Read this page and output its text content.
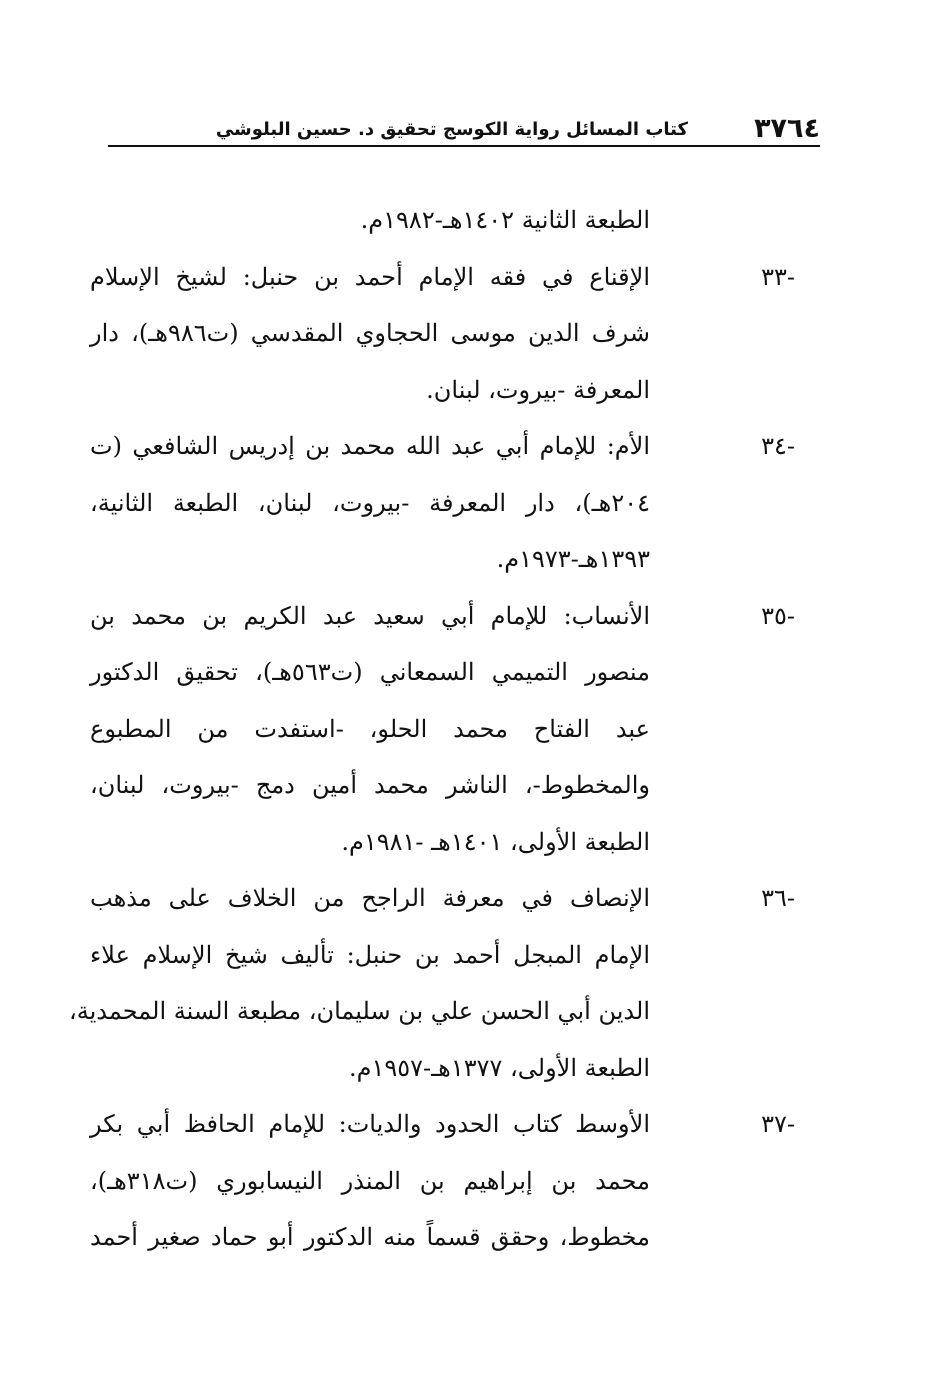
٣٧٦٤
كتاب المسائل رواية الكوسج تحقيق د. حسين البلوشي
الطبعة الثانية ١٤٠٢هـ-١٩٨٢م.
-٣٣
الإقناع في فقه الإمام أحمد بن حنبل: لشيخ الإسلام
شرف الدين موسى الحجاوي المقدسي (ت٩٨٦هـ)، دار
المعرفة -بيروت، لبنان.
-٣٤
الأم: للإمام أبي عبد الله محمد بن إدريس الشافعي (ت
٢٠٤هـ)، دار المعرفة -بيروت، لبنان، الطبعة الثانية،
١٣٩٣هـ-١٩٧٣م.
-٣٥
الأنساب: للإمام أبي سعيد عبد الكريم بن محمد بن
منصور التميمي السمعاني (ت٥٦٣هـ)، تحقيق الدكتور
عبد الفتاح محمد الحلو، -استفدت من المطبوع
والمخطوط-، الناشر محمد أمين دمج -بيروت، لبنان،
الطبعة الأولى، ١٤٠١هـ -١٩٨١م.
-٣٦
الإنصاف في معرفة الراجح من الخلاف على مذهب
الإمام المبجل أحمد بن حنبل: تأليف شيخ الإسلام علاء
الدين أبي الحسن علي بن سليمان، مطبعة السنة المحمدية،
الطبعة الأولى، ١٣٧٧هـ-١٩٥٧م.
-٣٧
الأوسط كتاب الحدود والديات: للإمام الحافظ أبي بكر
محمد بن إبراهيم بن المنذر النيسابوري (ت٣١٨هـ)،
مخطوط، وحقق قسماً منه الدكتور أبو حماد صغير أحمد
